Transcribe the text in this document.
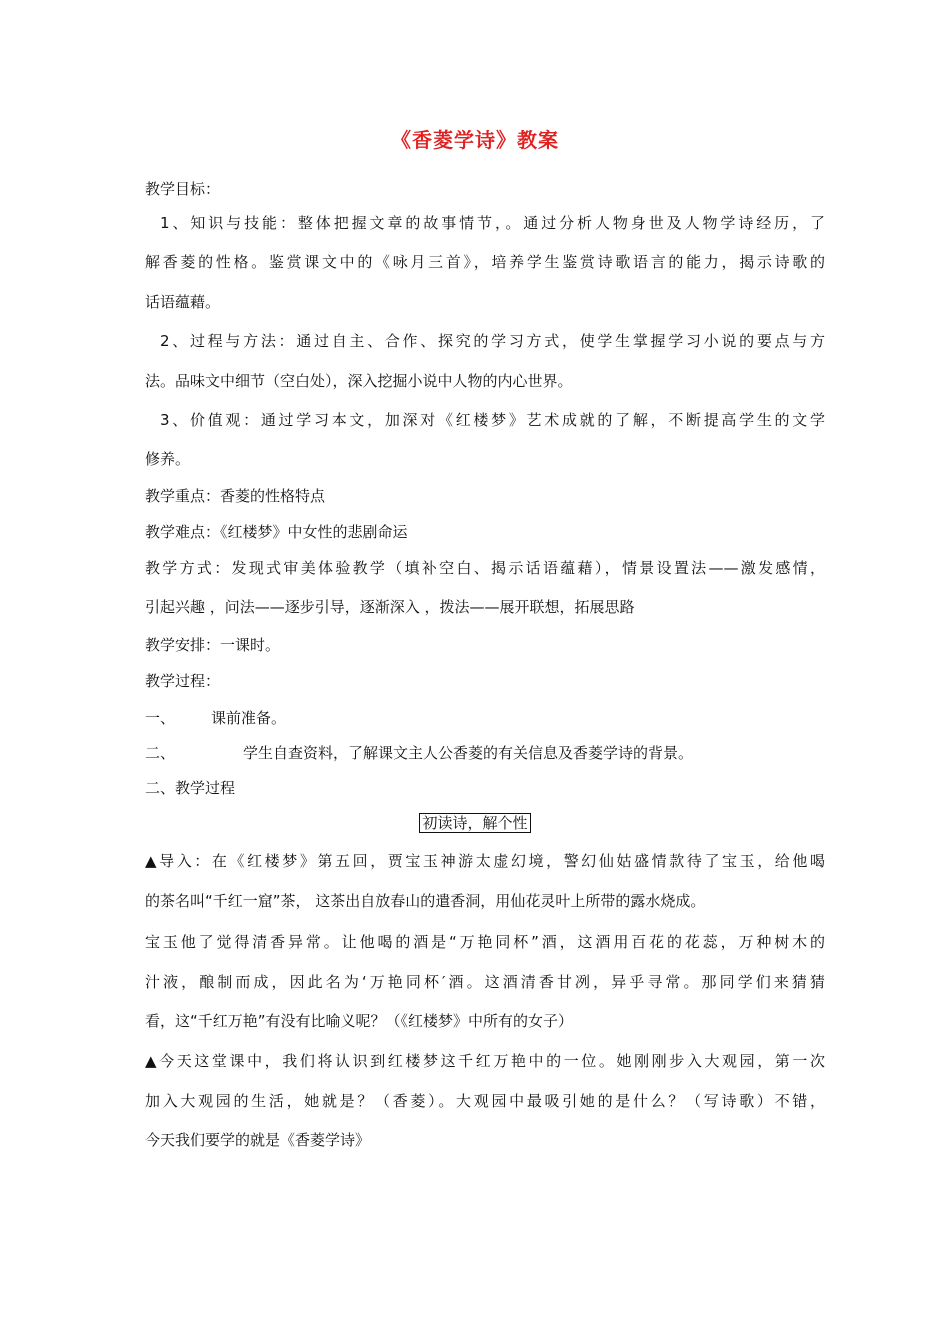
《香菱学诗》教案
教学目标：
1、知识与技能：整体把握文章的故事情节，。通过分析人物身世及人物学诗经历，了
解香菱的性格。鉴赏课文中的《咏月三首》，培养学生鉴赏诗歌语言的能力，揭示诗歌的
话语蕴藉。
2、过程与方法：通过自主、合作、探究的学习方式，使学生掌握学习小说的要点与方
法。品味文中细节（空白处），深入挖掘小说中人物的内心世界。
3、价值观：通过学习本文，加深对《红楼梦》艺术成就的了解，不断提高学生的文学
修养。
教学重点：香菱的性格特点
教学难点：《红楼梦》中女性的悲剧命运
教学方式：发现式审美体验教学（填补空白、揭示话语蕴藉），情景设置法——激发感情，
引起兴趣 ，问法——逐步引导，逐渐深入 ，拨法——展开联想，拓展思路
教学安排：一课时。
教学过程：
一、 课前准备。
二、	学生自查资料，了解课文主人公香菱的有关信息及香菱学诗的背景。
二、教学过程
初读诗，解个性
▲导入：在《红楼梦》第五回，贾宝玉神游太虚幻境，警幻仙姑盛情款待了宝玉，给他喝
的茶名叫“千红一窟”茶， 这茶出自放春山的遣香洞，用仙花灵叶上所带的露水烧成。
宝玉他了觉得清香异常。让他喝的酒是“万艳同杯”酒，这酒用百花的花蕊，万种树木的
汁液，酿制而成，因此名为‘万艳同杯′酒。这酒清香甘冽，异乎寻常。那同学们来猜猜
看，这“千红万艳”有没有比喻义呢？（《红楼梦》中所有的女子）
▲今天这堂课中，我们将认识到红楼梦这千红万艳中的一位。她刚刚步入大观园，第一次
加入大观园的生活，她就是？（香菱）。大观园中最吸引她的是什么？（写诗歌）不错，
今天我们要学的就是《香菱学诗》
